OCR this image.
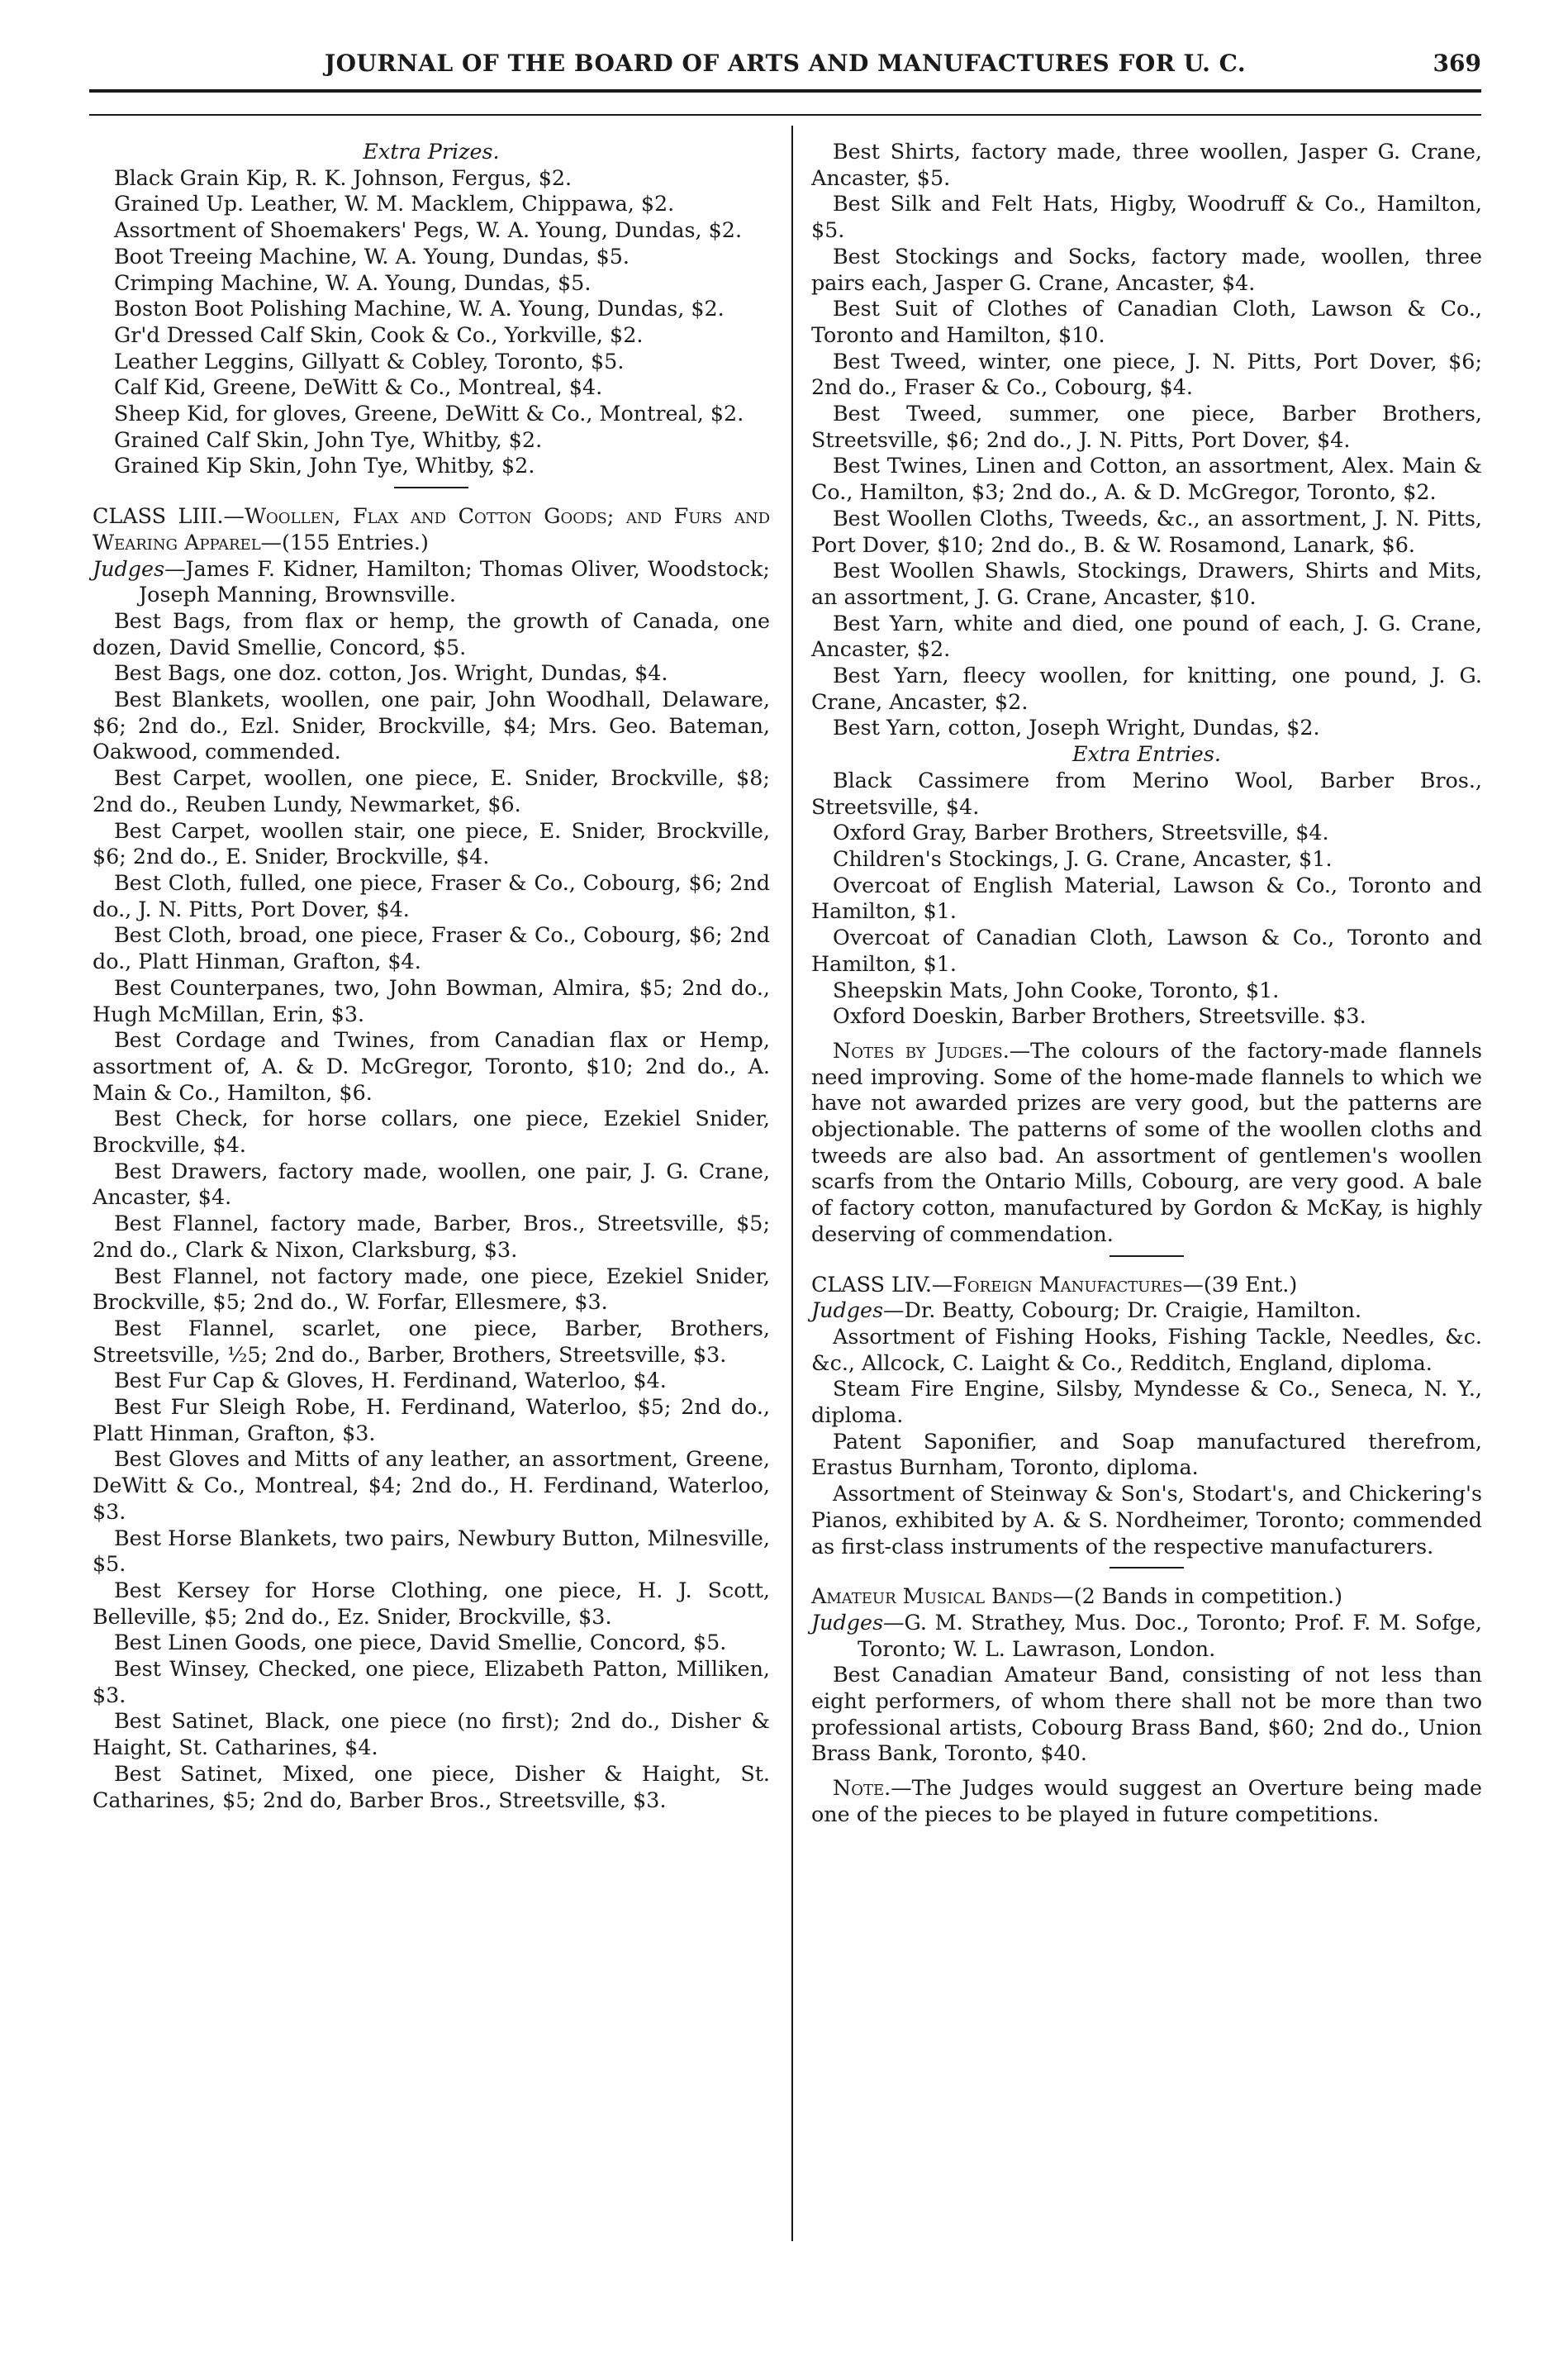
JOURNAL OF THE BOARD OF ARTS AND MANUFACTURES FOR U. C.	369

Extra Prizes.

Black Grain Kip, R. K. Johnson, Fergus, $2.

Grained Up. Leather, W. M. Macklem, Chippawa, $2.

Assortment of Shoemakers' Pegs, W. A. Young, Dundas, $2.

Boot Treeing Machine, W. A. Young, Dundas, $5.

Crimping Machine, W. A. Young, Dundas, $5.

Boston Boot Polishing Machine, W. A. Young, Dundas, $2.

Gr'd Dressed Calf Skin, Cook & Co., Yorkville, $2.

Leather Leggins, Gillyatt & Cobley, Toronto, $5.

Calf Kid, Greene, DeWitt & Co., Montreal, $4.

Sheep Kid, for gloves, Greene, DeWitt & Co., Montreal, $2.

Grained Calf Skin, John Tye, Whitby, $2.

Grained Kip Skin, John Tye, Whitby, $2.

CLASS LIII.—Woollen, Flax and Cotton Goods; and Furs and Wearing Apparel—(155 Entries.)

Judges—James F. Kidner, Hamilton; Thomas Oliver, Woodstock; Joseph Manning, Brownsville.

Best Bags, from flax or hemp, the growth of Canada, one dozen, David Smellie, Concord, $5.

Best Bags, one doz. cotton, Jos. Wright, Dundas, $4.

Best Blankets, woollen, one pair, John Woodhall, Delaware, $6; 2nd do., Ezl. Snider, Brockville, $4; Mrs. Geo. Bateman, Oakwood, commended.

Best Carpet, woollen, one piece, E. Snider, Brockville, $8; 2nd do., Reuben Lundy, Newmarket, $6.

Best Carpet, woollen stair, one piece, E. Snider, Brockville, $6; 2nd do., E. Snider, Brockville, $4.

Best Cloth, fulled, one piece, Fraser & Co., Cobourg, $6; 2nd do., J. N. Pitts, Port Dover, $4.

Best Cloth, broad, one piece, Fraser & Co., Cobourg, $6; 2nd do., Platt Hinman, Grafton, $4.

Best Counterpanes, two, John Bowman, Almira, $5; 2nd do., Hugh McMillan, Erin, $3.

Best Cordage and Twines, from Canadian flax or Hemp, assortment of, A. & D. McGregor, Toronto, $10; 2nd do., A. Main & Co., Hamilton, $6.

Best Check, for horse collars, one piece, Ezekiel Snider, Brockville, $4.

Best Drawers, factory made, woollen, one pair, J. G. Crane, Ancaster, $4.

Best Flannel, factory made, Barber, Bros., Streetsville, $5; 2nd do., Clark & Nixon, Clarksburg, $3.

Best Flannel, not factory made, one piece, Ezekiel Snider, Brockville, $5; 2nd do., W. Forfar, Ellesmere, $3.

Best Flannel, scarlet, one piece, Barber, Brothers, Streetsville, ½5; 2nd do., Barber, Brothers, Streetsville, $3.

Best Fur Cap & Gloves, H. Ferdinand, Waterloo, $4.

Best Fur Sleigh Robe, H. Ferdinand, Waterloo, $5; 2nd do., Platt Hinman, Grafton, $3.

Best Gloves and Mitts of any leather, an assortment, Greene, DeWitt & Co., Montreal, $4; 2nd do., H. Ferdinand, Waterloo, $3.

Best Horse Blankets, two pairs, Newbury Button, Milnesville, $5.

Best Kersey for Horse Clothing, one piece, H. J. Scott, Belleville, $5; 2nd do., Ez. Snider, Brockville, $3.

Best Linen Goods, one piece, David Smellie, Concord, $5.

Best Winsey, Checked, one piece, Elizabeth Patton, Milliken, $3.

Best Satinet, Black, one piece (no first); 2nd do., Disher & Haight, St. Catharines, $4.

Best Satinet, Mixed, one piece, Disher & Haight, St. Catharines, $5; 2nd do, Barber Bros., Streetsville, $3.

Best Shirts, factory made, three woollen, Jasper G. Crane, Ancaster, $5.

Best Silk and Felt Hats, Higby, Woodruff & Co., Hamilton, $5.

Best Stockings and Socks, factory made, woollen, three pairs each, Jasper G. Crane, Ancaster, $4.

Best Suit of Clothes of Canadian Cloth, Lawson & Co., Toronto and Hamilton, $10.

Best Tweed, winter, one piece, J. N. Pitts, Port Dover, $6; 2nd do., Fraser & Co., Cobourg, $4.

Best Tweed, summer, one piece, Barber Brothers, Streetsville, $6; 2nd do., J. N. Pitts, Port Dover, $4.

Best Twines, Linen and Cotton, an assortment, Alex. Main & Co., Hamilton, $3; 2nd do., A. & D. McGregor, Toronto, $2.

Best Woollen Cloths, Tweeds, &c., an assortment, J. N. Pitts, Port Dover, $10; 2nd do., B. & W. Rosamond, Lanark, $6.

Best Woollen Shawls, Stockings, Drawers, Shirts and Mits, an assortment, J. G. Crane, Ancaster, $10.

Best Yarn, white and died, one pound of each, J. G. Crane, Ancaster, $2.

Best Yarn, fleecy woollen, for knitting, one pound, J. G. Crane, Ancaster, $2.

Best Yarn, cotton, Joseph Wright, Dundas, $2.

Extra Entries.

Black Cassimere from Merino Wool, Barber Bros., Streetsville, $4.

Oxford Gray, Barber Brothers, Streetsville, $4.

Children's Stockings, J. G. Crane, Ancaster, $1.

Overcoat of English Material, Lawson & Co., Toronto and Hamilton, $1.

Overcoat of Canadian Cloth, Lawson & Co., Toronto and Hamilton, $1.

Sheepskin Mats, John Cooke, Toronto, $1.

Oxford Doeskin, Barber Brothers, Streetsville. $3.

Notes by Judges.—The colours of the factory-made flannels need improving. Some of the home-made flannels to which we have not awarded prizes are very good, but the patterns are objectionable. The patterns of some of the woollen cloths and tweeds are also bad. An assortment of gentlemen's woollen scarfs from the Ontario Mills, Cobourg, are very good. A bale of factory cotton, manufactured by Gordon & McKay, is highly deserving of commendation.

CLASS LIV.—Foreign Manufactures—(39 Ent.)

Judges—Dr. Beatty, Cobourg; Dr. Craigie, Hamilton.

Assortment of Fishing Hooks, Fishing Tackle, Needles, &c. &c., Allcock, C. Laight & Co., Redditch, England, diploma.

Steam Fire Engine, Silsby, Myndesse & Co., Seneca, N. Y., diploma.

Patent Saponifier, and Soap manufactured therefrom, Erastus Burnham, Toronto, diploma.

Assortment of Steinway & Son's, Stodart's, and Chickering's Pianos, exhibited by A. & S. Nordheimer, Toronto; commended as first-class instruments of the respective manufacturers.

Amateur Musical Bands—(2 Bands in competition.)

Judges—G. M. Strathey, Mus. Doc., Toronto; Prof. F. M. Sofge, Toronto; W. L. Lawrason, London.

Best Canadian Amateur Band, consisting of not less than eight performers, of whom there shall not be more than two professional artists, Cobourg Brass Band, $60; 2nd do., Union Brass Bank, Toronto, $40.

Note.—The Judges would suggest an Overture being made one of the pieces to be played in future competitions.
